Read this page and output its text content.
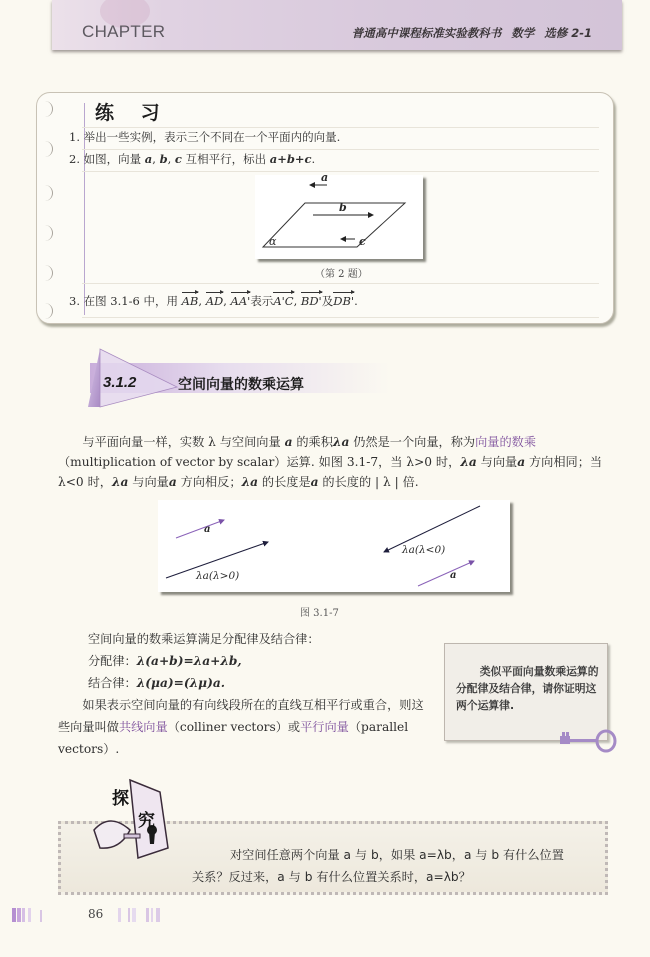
CHAPTER	普通高中课程标准实验教科书 数学 选修 2-1
练 习
1. 举出一些实例，表示三个不同在一个平面内的向量.
2. 如图，向量 a, b, c 互相平行，标出 a+b+c.
a
b
c
α
（第 2 题）
3. 在图 3.1-6 中，用 AB, AD, AA'表示A'C, BD'及DB'.
3.1.2	空间向量的数乘运算
与平面向量一样，实数 λ 与空间向量 a 的乘积λa 仍然是一个向量，称为向量的数乘（multiplication of vector by scalar）运算. 如图 3.1-7，当 λ>0 时，λa 与向量a 方向相同；当 λ<0 时，λa 与向量a 方向相反；λa 的长度是a 的长度的 | λ | 倍.
a
λa(λ>0)
λa(λ<0)
a
图 3.1-7
空间向量的数乘运算满足分配律及结合律：
分配律：λ(a+b)=λa+λb,
结合律：λ(μa)=(λμ)a.
如果表示空间向量的有向线段所在的直线互相平行或重合，则这些向量叫做共线向量（colliner vectors）或平行向量（parallel vectors）.
类似平面向量数乘运算的分配律及结合律，请你证明这两个运算律.
探
究
对空间任意两个向量 a 与 b，如果 a=λb，a 与 b 有什么位置
关系？反过来，a 与 b 有什么位置关系时，a=λb？
86
